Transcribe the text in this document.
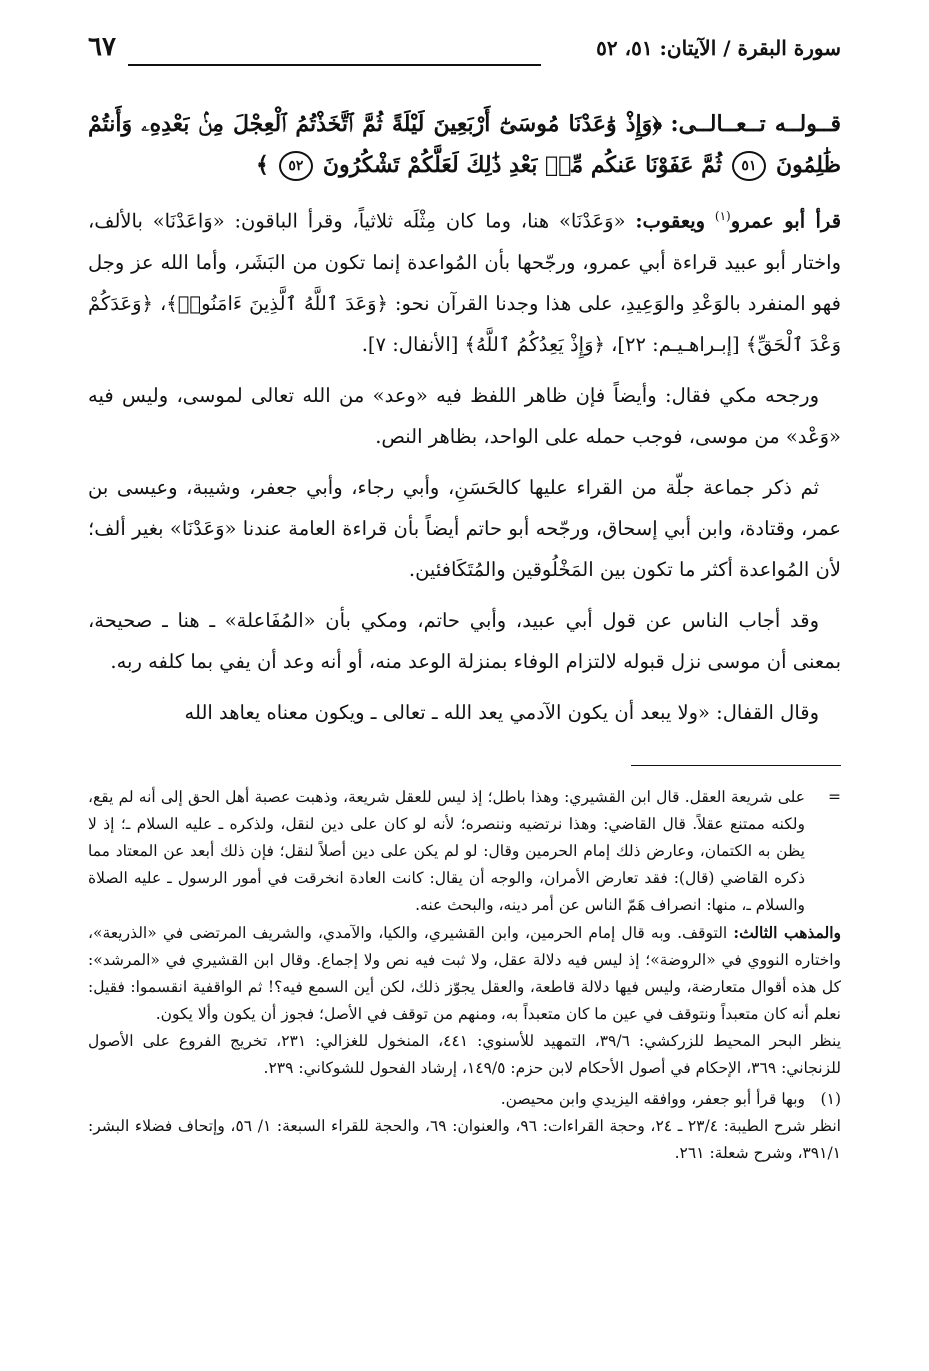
سورة البقرة / الآيتان: ٥١، ٥٢
٦٧

قــولــه تــعــالــى: ﴿وَإِذْ وَٰعَدْنَا مُوسَىٰٓ أَرْبَعِينَ لَيْلَةً ثُمَّ ٱتَّخَذْتُمُ ٱلْعِجْلَ مِنۢ بَعْدِهِۦ وَأَنتُمْ ظَٰلِمُونَ ٥١ ثُمَّ عَفَوْنَا عَنكُم مِّنۢ بَعْدِ ذَٰلِكَ لَعَلَّكُمْ تَشْكُرُونَ ٥٢ ﴾

قرأ أبو عمرو$^{(١)}$ ويعقوب: «وَعَدْنَا» هنا، وما كان مِثْلَه ثلاثياً، وقرأ الباقون: «وَاعَدْنَا» بالألف، واختار أبو عبيد قراءة أبي عمرو، ورجّحها بأن المُواعدة إنما تكون من البَشَر، وأما الله عز وجل فهو المنفرد بالوَعْدِ والوَعِيدِ، على هذا وجدنا القرآن نحو: ﴿وَعَدَ ٱللَّهُ ٱلَّذِينَ ءَامَنُوا۟﴾، ﴿وَعَدَكُمْ وَعْدَ ٱلْحَقِّ﴾ [إبـراهـيـم: ٢٢]، ﴿وَإِذْ يَعِدُكُمُ ٱللَّهُ﴾ [الأنفال: ٧].

ورجحه مكي فقال: وأيضاً فإن ظاهر اللفظ فيه «وعد» من الله تعالى لموسى، وليس فيه «وَعْد» من موسى، فوجب حمله على الواحد، بظاهر النص.

ثم ذكر جماعة جلّة من القراء عليها كالحَسَنِ، وأبي رجاء، وأبي جعفر، وشيبة، وعيسى بن عمر، وقتادة، وابن أبي إسحاق، ورجّحه أبو حاتم أيضاً بأن قراءة العامة عندنا «وَعَدْنَا» بغير ألف؛ لأن المُواعدة أكثر ما تكون بين المَخْلُوقين والمُتَكَافئين.

وقد أجاب الناس عن قول أبي عبيد، وأبي حاتم، ومكي بأن «المُفَاعلة» ـ هنا ـ صحيحة، بمعنى أن موسى نزل قبوله لالتزام الوفاء بمنزلة الوعد منه، أو أنه وعد أن يفي بما كلفه ربه.

وقال القفال: «ولا يبعد أن يكون الآدمي يعد الله ـ تعالى ـ ويكون معناه يعاهد الله

=
على شريعة العقل. قال ابن القشيري: وهذا باطل؛ إذ ليس للعقل شريعة، وذهبت عصبة أهل الحق إلى أنه لم يقع، ولكنه ممتنع عقلاً. قال القاضي: وهذا نرتضيه وننصره؛ لأنه لو كان على دين لنقل، ولذكره ـ عليه السلام ـ؛ إذ لا يظن به الكتمان، وعارض ذلك إمام الحرمين وقال: لو لم يكن على دين أصلاً لنقل؛ فإن ذلك أبعد عن المعتاد مما ذكره القاضي (قال): فقد تعارض الأمران، والوجه أن يقال: كانت العادة انخرقت في أمور الرسول ـ عليه الصلاة والسلام ـ، منها: انصراف هَمّ الناس عن أمر دينه، والبحث عنه.

والمذهب الثالث: التوقف. وبه قال إمام الحرمين، وابن القشيري، والكيا، والآمدي، والشريف المرتضى في «الذريعة»، واختاره النووي في «الروضة»؛ إذ ليس فيه دلالة عقل، ولا ثبت فيه نص ولا إجماع. وقال ابن القشيري في «المرشد»: كل هذه أقوال متعارضة، وليس فيها دلالة قاطعة، والعقل يجوّز ذلك، لكن أين السمع فيه؟! ثم الواقفية انقسموا: فقيل: نعلم أنه كان متعبداً ونتوقف في عين ما كان متعبداً به، ومنهم من توقف في الأصل؛ فجوز أن يكون وألا يكون.

ينظر البحر المحيط للزركشي: ٣٩/٦، التمهيد للأسنوي: ٤٤١، المنخول للغزالي: ٢٣١، تخريج الفروع على الأصول للزنجاني: ٣٦٩، الإحكام في أصول الأحكام لابن حزم: ١٤٩/٥، إرشاد الفحول للشوكاني: ٢٣٩.

(١)
وبها قرأ أبو جعفر، ووافقه اليزيدي وابن محيصن.

انظر شرح الطيبة: ٢٣/٤ ـ ٢٤، وحجة القراءات: ٩٦، والعنوان: ٦٩، والحجة للقراء السبعة: ١/ ٥٦، وإتحاف فضلاء البشر: ٣٩١/١، وشرح شعلة: ٢٦١.
